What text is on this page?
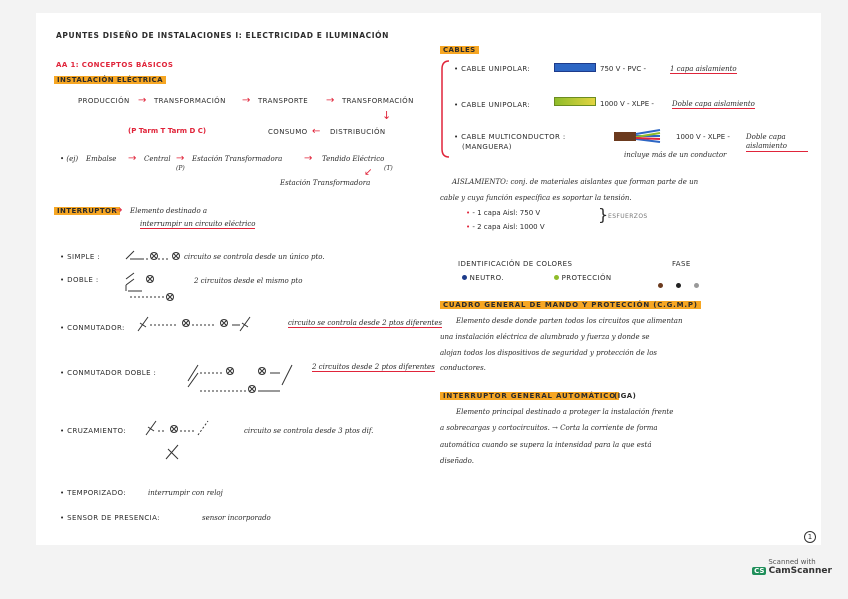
APUNTES DISEÑO DE INSTALACIONES I: ELECTRICIDAD E ILUMINACIÓN
AA 1: CONCEPTOS BÁSICOS
INSTALACIÓN ELÉCTRICA
PRODUCCIÓN → TRANSFORMACIÓN → TRANSPORTE → TRANSFORMACIÓN
↓
(P Tarm T Tarm D C)	CONSUMO ← DISTRIBUCIÓN
• (ej) Embalse → Central
(P)
→ Estación Transformadora → Tendido Eléctrico
(T)
↙
Estación Transformadora
INTERRUPTOR
→ Elemento destinado a
interrumpir un circuito eléctrico
• SIMPLE :	circuito se controla desde un único pto.
• DOBLE :	2 circuitos desde el mismo pto
• CONMUTADOR:
circuito se controla desde 2 ptos diferentes
• CONMUTADOR DOBLE :
2 circuitos desde 2 ptos diferentes
• CRUZAMIENTO:	circuito se controla desde 3 ptos dif.
• TEMPORIZADO:	interrumpir con reloj
• SENSOR DE PRESENCIA:	sensor incorporado
CABLES
• CABLE UNIPOLAR:	750 V - PVC -	1 capa aislamiento
• CABLE UNIPOLAR:	1000 V - XLPE -	Doble capa aislamiento
• CABLE MULTICONDUCTOR :
(MANGUERA)
1000 V - XLPE - Doble capa aislamiento
incluye más de un conductor
AISLAMIENTO: conj. de materiales aislantes que forman parte de un
cable y cuya función específica es soportar la tensión.
• - 1 capa Aisl: 750 V
• - 2 capa Aisl: 1000 V
} ESFUERZOS
IDENTIFICACIÓN DE COLORES
NEUTRO.	PROTECCIÓN
FASE

CUADRO GENERAL DE MANDO Y PROTECCIÓN (C.G.M.P)
Elemento desde donde parten todos los circuitos que alimentan
una instalación eléctrica de alumbrado y fuerza y donde se
alojan todos los dispositivos de seguridad y protección de los
conductores.
INTERRUPTOR GENERAL AUTOMÁTICO
(IGA)
Elemento principal destinado a proteger la instalación frente
a sobrecargas y cortocircuitos. → Corta la corriente de forma
automática cuando se supera la intensidad para la que está
diseñado.
1
Scanned with
CS CamScanner
